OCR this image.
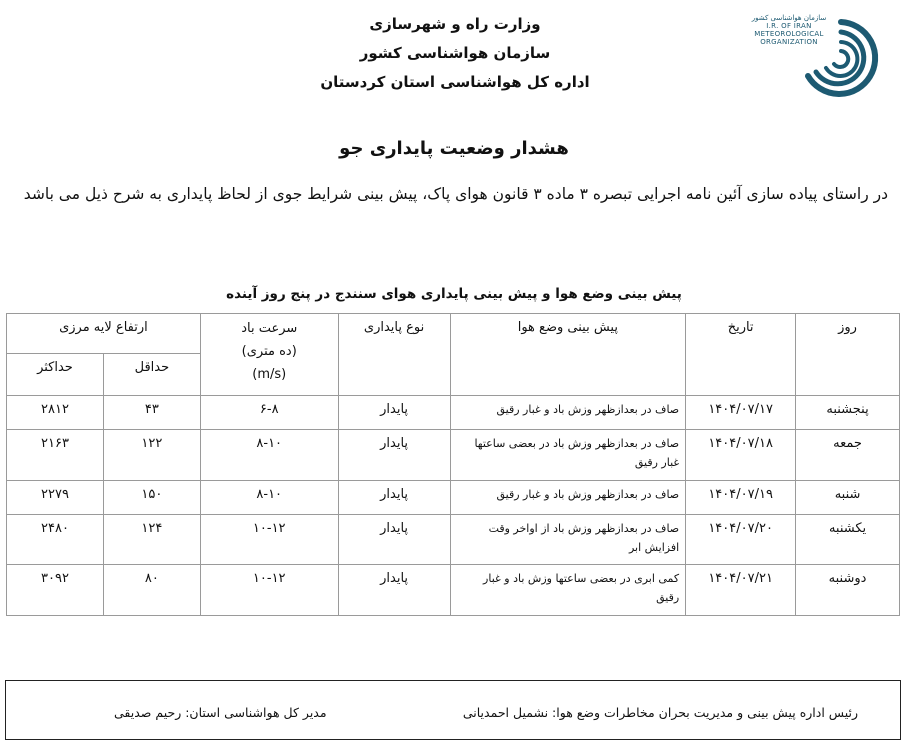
سازمان هواشناسی کشور
I.R. OF IRAN
METEOROLOGICAL
ORGANIZATION
وزارت راه و شهرسازی
سازمان هواشناسی کشور
اداره کل هواشناسی استان کردستان
هشدار وضعیت پایداری جو
در راستای پیاده سازی آئین نامه اجرایی تبصره ۳ ماده ۳ قانون هوای پاک، پیش بینی شرایط جوی از لحاظ پایداری به شرح ذیل می باشد
پیش بینی وضع هوا و پیش بینی پایداری هوای سنندج در پنج روز آینده
روز	تاریخ	پیش بینی وضع هوا	نوع پایداری	سرعت باد
(ده متری)
(m/s)	ارتفاع لایه مرزی	
					حداقل	حداکثر
پنجشنبه	۱۴۰۴/۰۷/۱۷	صاف در بعدازظهر وزش باد و غبار رقیق	پایدار	۶-۸	۴۳	۲۸۱۲
جمعه	۱۴۰۴/۰۷/۱۸	صاف در بعدازظهر وزش باد در بعضی ساعتها غبار رقیق	پایدار	۸-۱۰	۱۲۲	۲۱۶۳
شنبه	۱۴۰۴/۰۷/۱۹	صاف در بعدازظهر وزش باد و غبار رقیق	پایدار	۸-۱۰	۱۵۰	۲۲۷۹
یکشنبه	۱۴۰۴/۰۷/۲۰	صاف در بعدازظهر وزش باد از اواخر وقت افزایش ابر	پایدار	۱۰-۱۲	۱۲۴	۲۴۸۰
دوشنبه	۱۴۰۴/۰۷/۲۱	کمی ابری در بعضی ساعتها وزش باد و غبار رقیق	پایدار	۱۰-۱۲	۸۰	۳۰۹۲
رئیس اداره پیش بینی و مدیریت بحران مخاطرات وضع هوا: نشمیل احمدیانی
مدیر کل هواشناسی استان: رحیم صدیقی
